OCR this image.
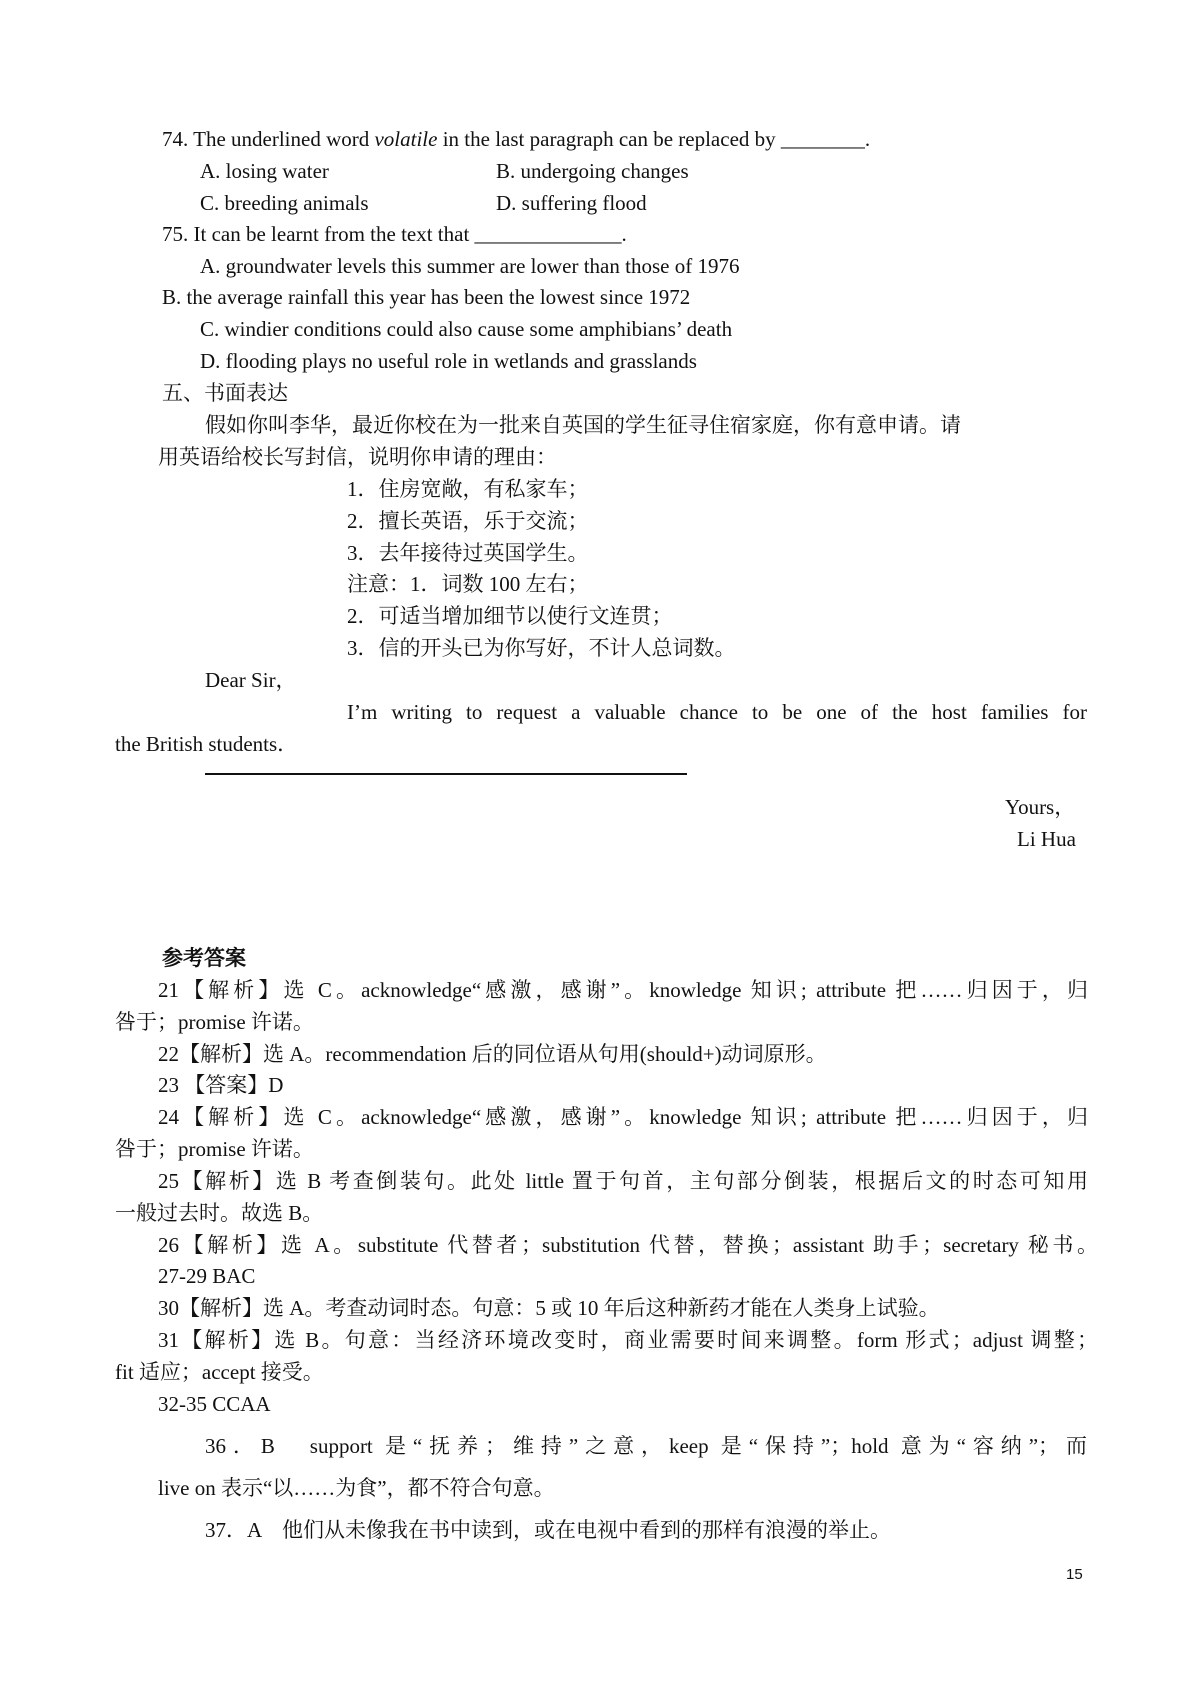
74. The underlined word volatile in the last paragraph can be replaced by ________.
A. losing water	B. undergoing changes
C. breeding animals	D. suffering flood
75. It can be learnt from the text that ______________.
A. groundwater levels this summer are lower than those of 1976
B. the average rainfall this year has been the lowest since 1972
C. windier conditions could also cause some amphibians’ death
D. flooding plays no useful role in wetlands and grasslands
五、书面表达
假如你叫李华，最近你校在为一批来自英国的学生征寻住宿家庭，你有意申请。请
用英语给校长写封信，说明你申请的理由：
1．住房宽敞，有私家车；
2．擅长英语，乐于交流；
3．去年接待过英国学生。
注意：1．词数 100 左右；
2．可适当增加细节以使行文连贯；
3．信的开头已为你写好，不计人总词数。
Dear Sir，
I’m writing to request a valuable chance to be one of the host families for
the British students．
Yours，
Li Hua
参考答案
21【解析】选 C。acknowledge“感激，感谢”。knowledge 知识; attribute 把……归因于，归
咎于；promise 许诺。
22【解析】选 A。recommendation 后的同位语从句用(should+)动词原形。
23 【答案】D
24【解析】选 C。acknowledge“感激，感谢”。knowledge 知识; attribute 把……归因于，归
咎于；promise 许诺。
25【解析】选 B 考查倒装句。此处 little 置于句首，主句部分倒装，根据后文的时态可知用
一般过去时。故选 B。
26【解析】选 A。substitute 代替者；substitution 代替，替换；assistant 助手；secretary 秘书。
27-29 BAC
30【解析】选 A。考查动词时态。句意：5 或 10 年后这种新药才能在人类身上试验。
31【解析】选 B。句意：当经济环境改变时，商业需要时间来调整。form 形式；adjust 调整；
fit 适应；accept 接受。
32-35 CCAA
36．B　support 是“抚养；维持”之意，keep 是“保持”；hold 意为“容纳”；而
live on 表示“以……为食”，都不符合句意。
37．A　他们从未像我在书中读到，或在电视中看到的那样有浪漫的举止。
15
